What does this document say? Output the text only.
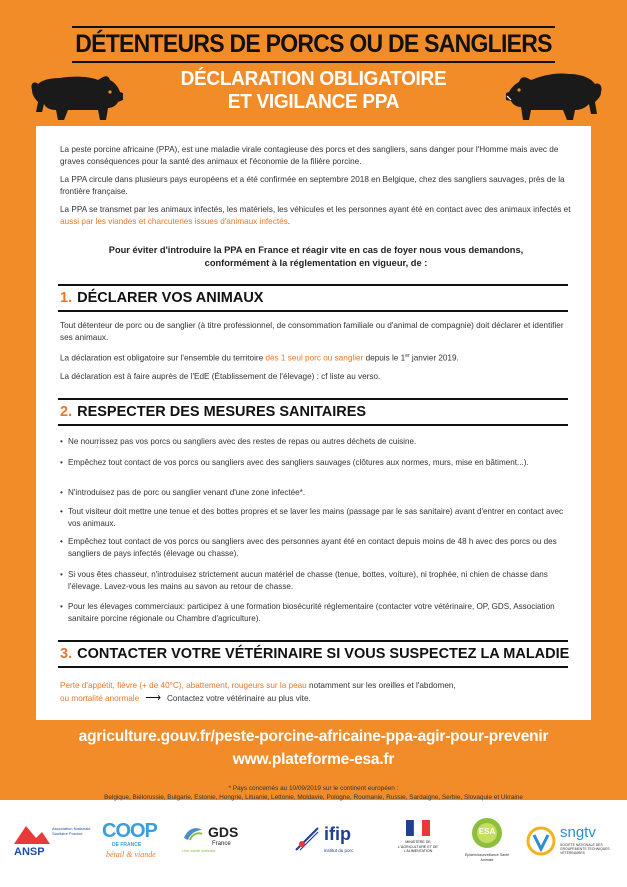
DÉTENTEURS DE PORCS OU DE SANGLIERS
DÉCLARATION OBLIGATOIRE
ET VIGILANCE PPA
La peste porcine africaine (PPA), est une maladie virale contagieuse des porcs et des sangliers, sans danger pour l'Homme mais avec de graves conséquences pour la santé des animaux et l'économie de la filière porcine.
La PPA circule dans plusieurs pays européens et a été confirmée en septembre 2018 en Belgique, chez des sangliers sauvages, près de la frontière française.
La PPA se transmet par les animaux infectés, les matériels, les véhicules et les personnes ayant été en contact avec des animaux infectés et aussi par les viandes et charcuteries issues d'animaux infectés.
Pour éviter d'introduire la PPA en France et réagir vite en cas de foyer nous vous demandons,
conformément à la réglementation en vigueur, de :
1. DÉCLARER VOS ANIMAUX
Tout détenteur de porc ou de sanglier (à titre professionnel, de consommation familiale ou d'animal de compagnie) doit déclarer et identifier ses animaux.
La déclaration est obligatoire sur l'ensemble du territoire dès 1 seul porc ou sanglier depuis le 1er janvier 2019.
La déclaration est à faire auprès de l'EdE (Établissement de l'élevage) : cf liste au verso.
2. RESPECTER DES MESURES SANITAIRES
• Ne nourrissez pas vos porcs ou sangliers avec des restes de repas ou autres déchets de cuisine.
• Empêchez tout contact de vos porcs ou sangliers avec des sangliers sauvages (clôtures aux normes, murs, mise en bâtiment...).
• N'introduisez pas de porc ou sanglier venant d'une zone infectée*.
• Tout visiteur doit mettre une tenue et des bottes propres et se laver les mains (passage par le sas sanitaire) avant d'entrer en contact avec vos animaux.
• Empêchez tout contact de vos porcs ou sangliers avec des personnes ayant été en contact depuis moins de 48 h avec des porcs ou des sangliers de pays infectés (élevage ou chasse).
• Si vous êtes chasseur, n'introduisez strictement aucun matériel de chasse (tenue, bottes, voiture), ni trophée, ni chien de chasse dans l'élevage. Lavez-vous les mains au savon au retour de chasse.
• Pour les élevages commerciaux: participez à une formation biosécurité réglementaire (contacter votre vétérinaire, OP, GDS, Association sanitaire porcine régionale ou Chambre d'agriculture).
3. CONTACTER VOTRE VÉTÉRINAIRE SI VOUS SUSPECTEZ LA MALADIE
Perte d'appétit, fièvre (+ de 40°C), abattement, rougeurs sur la peau notamment sur les oreilles et l'abdomen,
ou mortalité anormale ⟶ Contactez votre vétérinaire au plus vite.
agriculture.gouv.fr/peste-porcine-africaine-ppa-agir-pour-prevenir
www.plateforme-esa.fr
* Pays concernés au 10/09/2019 sur le continent européen :
Belgique, Biélorussie, Bulgarie, Estonie, Hongrie, Lituanie, Lettonie, Moldavie, Pologne, Roumanie, Russie, Sardaigne, Serbie, Slovaquie et Ukraine
ANSP
Association Nationale Sanitaire Porcine COOP
DE FRANCE
bétail & viande
GDS
France
Une santé animale
ifip
institut du porc
MINISTÈRE DE L'AGRICULTURE ET DE L'ALIMENTATION
ESA
Épidémiosurveillance Santé Animale
sngtv
SOCIÉTÉ NATIONALE DES GROUPEMENTS TECHNIQUES VÉTÉRINAIRES
